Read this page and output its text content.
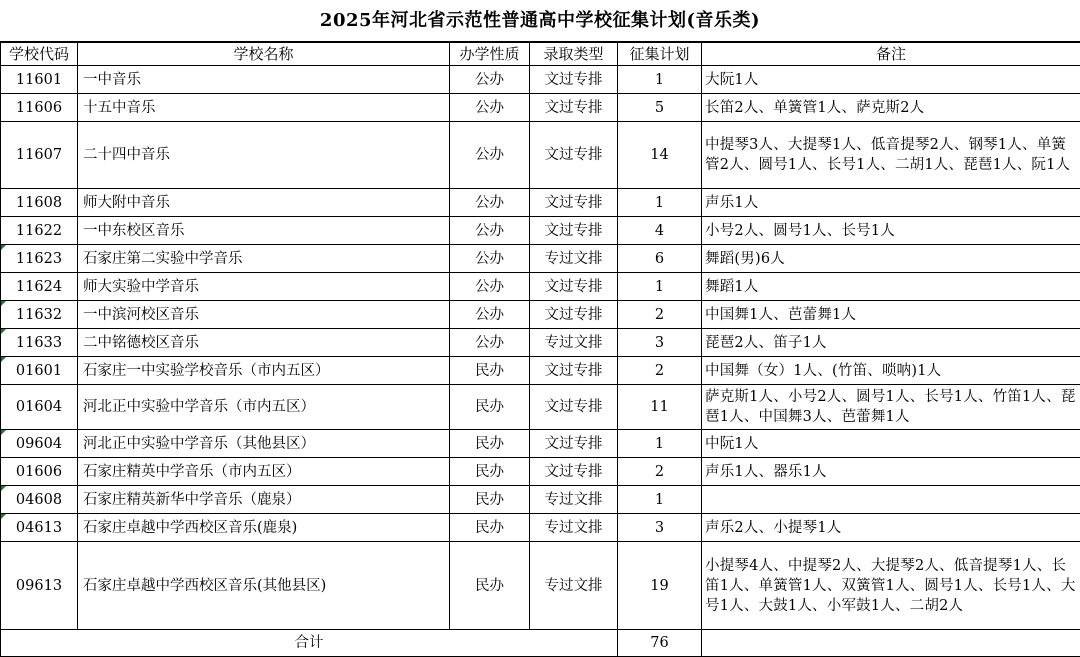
2025年河北省示范性普通高中学校征集计划(音乐类)
学校代码	学校名称	办学性质	录取类型	征集计划	备注
11601	一中音乐	公办	文过专排	1	大阮1人
11606	十五中音乐	公办	文过专排	5	长笛2人、单簧管1人、萨克斯2人
11607	二十四中音乐	公办	文过专排	14	中提琴3人、大提琴1人、低音提琴2人、钢琴1人、单簧管2人、圆号1人、长号1人、二胡1人、琵琶1人、阮1人
11608	师大附中音乐	公办	文过专排	1	声乐1人
11622	一中东校区音乐	公办	文过专排	4	小号2人、圆号1人、长号1人

11623	石家庄第二实验中学音乐	公办	专过文排	6	舞蹈(男)6人
11624	师大实验中学音乐	公办	文过专排	1	舞蹈1人

11632	一中滨河校区音乐	公办	文过专排	2	中国舞1人、芭蕾舞1人

11633	二中铭德校区音乐	公办	专过文排	3	琵琶2人、笛子1人

01601	石家庄一中实验学校音乐（市内五区）	民办	文过专排	2	中国舞（女）1人、(竹笛、唢呐)1人
01604	河北正中实验中学音乐（市内五区）	民办	文过专排	11	萨克斯1人、小号2人、圆号1人、长号1人、竹笛1人、琵琶1人、中国舞3人、芭蕾舞1人

09604	河北正中实验中学音乐（其他县区）	民办	文过专排	1	中阮1人
01606	石家庄精英中学音乐（市内五区）	民办	文过专排	2	声乐1人、器乐1人

04608	石家庄精英新华中学音乐（鹿泉）	民办	专过文排	1	

04613	石家庄卓越中学西校区音乐(鹿泉)	民办	专过文排	3	声乐2人、小提琴1人
09613	石家庄卓越中学西校区音乐(其他县区)	民办	专过文排	19	小提琴4人、中提琴2人、大提琴2人、低音提琴1人、长笛1人、单簧管1人、双簧管1人、圆号1人、长号1人、大号1人、大鼓1人、小军鼓1人、二胡2人
合计				76	
